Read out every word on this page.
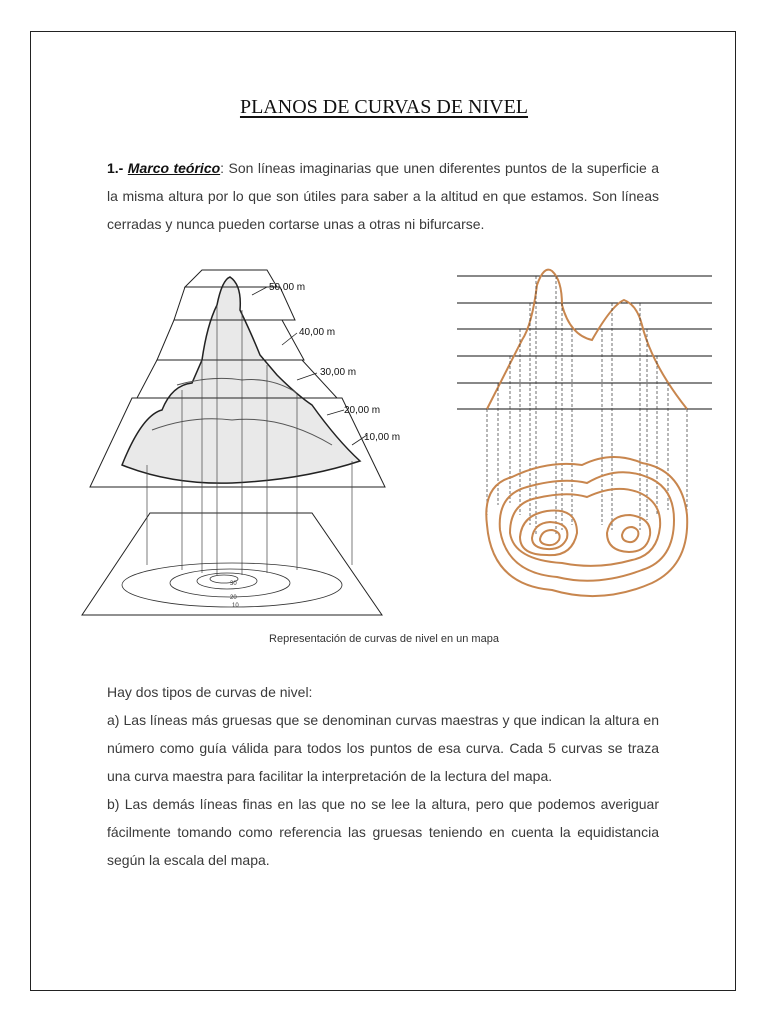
PLANOS DE CURVAS DE NIVEL
1.- Marco teórico: Son líneas imaginarias que unen diferentes puntos de la superficie a la misma altura por lo que son útiles para saber a la altitud en que estamos. Son líneas cerradas y nunca pueden cortarse unas a otras ni bifurcarse.
50,00 m
40,00 m
30,00 m
20,00 m
10,00 m
30
20
10
Representación de curvas de nivel en un mapa

Hay dos tipos de curvas de nivel:

a) Las líneas más gruesas que se denominan curvas maestras y que indican la altura en número como guía válida para todos los puntos de esa curva. Cada 5 curvas se traza una curva maestra para facilitar la interpretación de la lectura del mapa.

b) Las demás líneas finas en las que no se lee la altura, pero que podemos averiguar fácilmente tomando como referencia las gruesas teniendo en cuenta la equidistancia según la escala del mapa.
